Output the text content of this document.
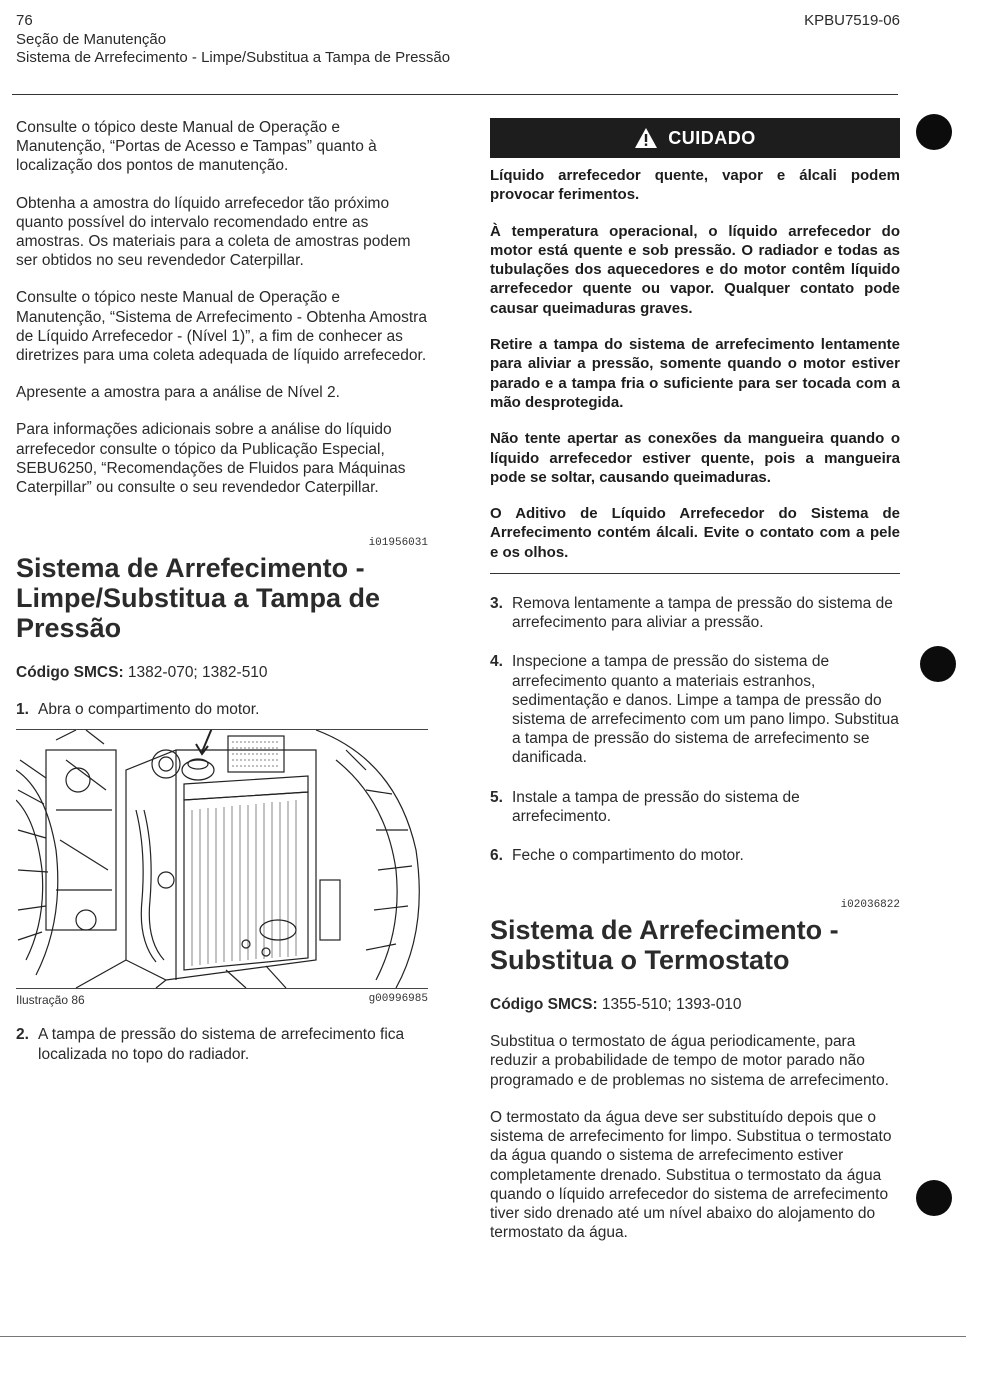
76
Seção de Manutenção
Sistema de Arrefecimento - Limpe/Substitua a Tampa de Pressão
KPBU7519-06

Consulte o tópico deste Manual de Operação e Manutenção, “Portas de Acesso e Tampas” quanto à localização dos pontos de manutenção.

Obtenha a amostra do líquido arrefecedor tão próximo quanto possível do intervalo recomendado entre as amostras. Os materiais para a coleta de amostras podem ser obtidos no seu revendedor Caterpillar.

Consulte o tópico neste Manual de Operação e Manutenção, “Sistema de Arrefecimento - Obtenha Amostra de Líquido Arrefecedor - (Nível 1)”, a fim de conhecer as diretrizes para uma coleta adequada de líquido arrefecedor.

Apresente a amostra para a análise de Nível 2.

Para informações adicionais sobre a análise do líquido arrefecedor consulte o tópico da Publicação Especial, SEBU6250, “Recomendações de Fluidos para Máquinas Caterpillar” ou consulte o seu revendedor Caterpillar.

i01956031
Sistema de Arrefecimento - Limpe/Substitua a Tampa de Pressão
Código SMCS: 1382-070; 1382-510
1. Abra o compartimento do motor.
Ilustração 86	g00996985
2. A tampa de pressão do sistema de arrefecimento fica localizada no topo do radiador.
CUIDADO

Líquido arrefecedor quente, vapor e álcali podem provocar ferimentos.

À temperatura operacional, o líquido arrefecedor do motor está quente e sob pressão. O radiador e todas as tubulações dos aquecedores e do motor contêm líquido arrefecedor quente ou vapor. Qualquer contato pode causar queimaduras graves.

Retire a tampa do sistema de arrefecimento lentamente para aliviar a pressão, somente quando o motor estiver parado e a tampa fria o suficiente para ser tocada com a mão desprotegida.

Não tente apertar as conexões da mangueira quando o líquido arrefecedor estiver quente, pois a mangueira pode se soltar, causando queimaduras.

O Aditivo de Líquido Arrefecedor do Sistema de Arrefecimento contém álcali. Evite o contato com a pele e os olhos.

3. Remova lentamente a tampa de pressão do sistema de arrefecimento para aliviar a pressão.
4. Inspecione a tampa de pressão do sistema de arrefecimento quanto a materiais estranhos, sedimentação e danos. Limpe a tampa de pressão do sistema de arrefecimento com um pano limpo. Substitua a tampa de pressão do sistema de arrefecimento se danificada.
5. Instale a tampa de pressão do sistema de arrefecimento.
6. Feche o compartimento do motor.
i02036822
Sistema de Arrefecimento - Substitua o Termostato
Código SMCS: 1355-510; 1393-010

Substitua o termostato de água periodicamente, para reduzir a probabilidade de tempo de motor parado não programado e de problemas no sistema de arrefecimento.

O termostato da água deve ser substituído depois que o sistema de arrefecimento for limpo. Substitua o termostato da água quando o sistema de arrefecimento estiver completamente drenado. Substitua o termostato da água quando o líquido arrefecedor do sistema de arrefecimento tiver sido drenado até um nível abaixo do alojamento do termostato da água.
